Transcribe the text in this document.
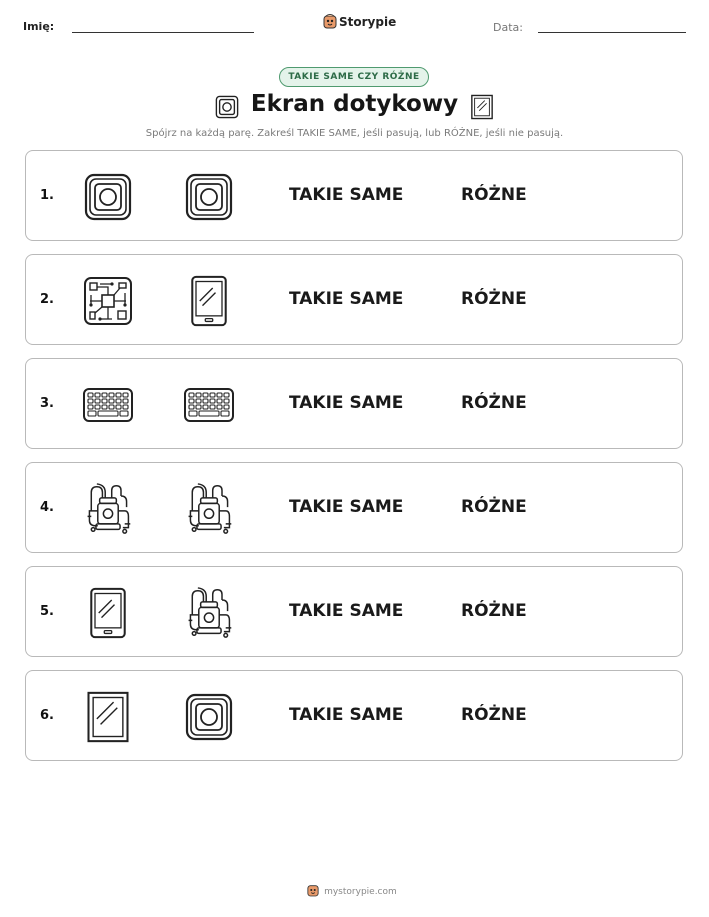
Imię:	Storypie	Data:
TAKIE SAME CZY RÓŻNE
Ekran dotykowy
Spójrz na każdą parę. Zakreśl TAKIE SAME, jeśli pasują, lub RÓŻNE, jeśli nie pasują.
1.	TAKIE SAME	RÓŻNE
2.	TAKIE SAME	RÓŻNE
3.	TAKIE SAME	RÓŻNE
4.	TAKIE SAME	RÓŻNE
5.	TAKIE SAME	RÓŻNE
6.	TAKIE SAME	RÓŻNE
mystorypie.com
